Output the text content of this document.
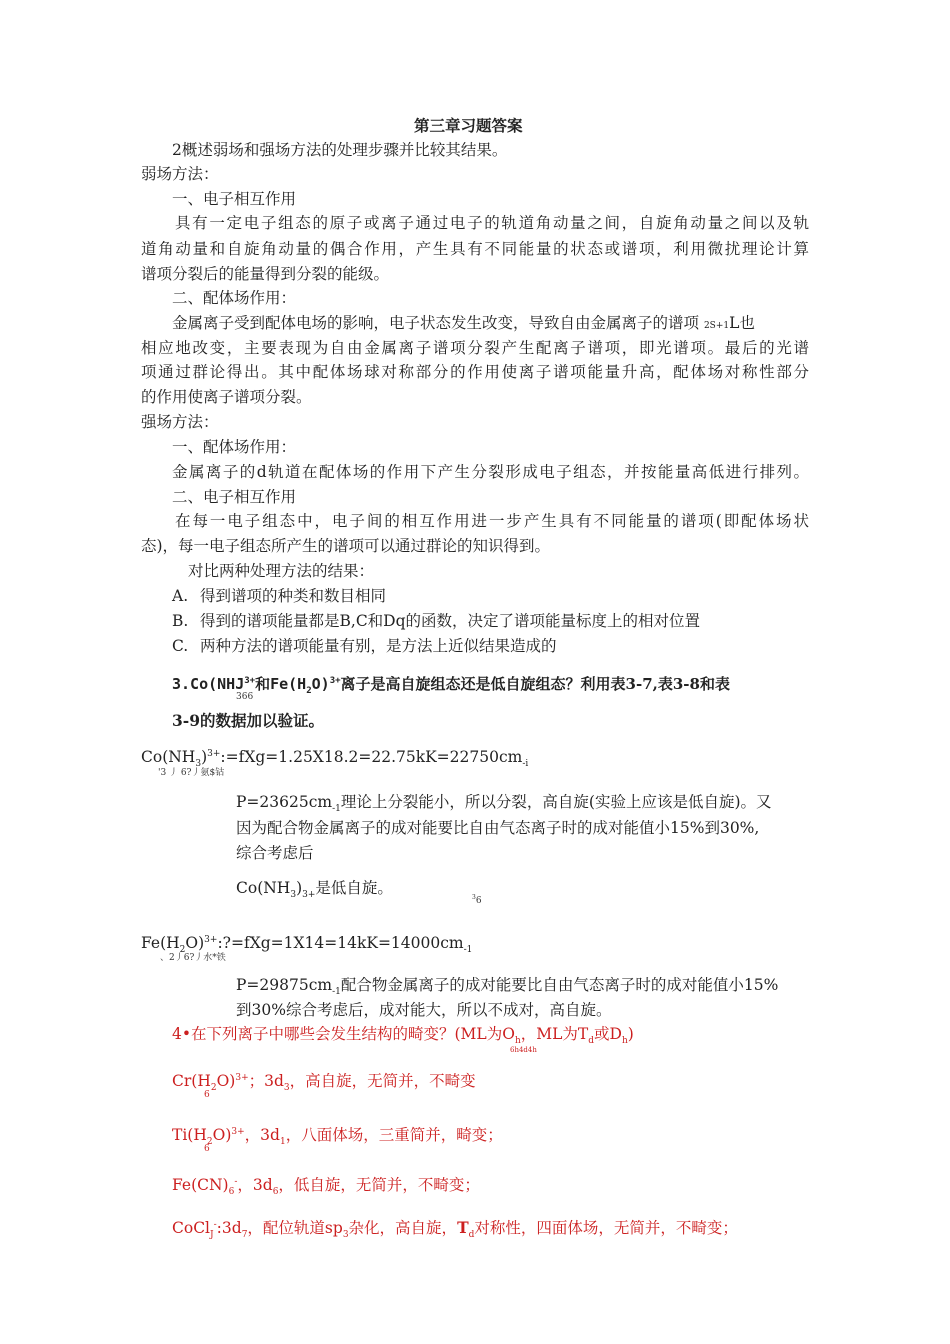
第三章习题答案
2概述弱场和强场方法的处理步骤并比较其结果。
弱场方法：
一、电子相互作用
具有一定电子组态的原子或离子通过电子的轨道角动量之间，自旋角动量之间以及轨
道角动量和自旋角动量的偶合作用，产生具有不同能量的状态或谱项，利用微扰理论计算
谱项分裂后的能量得到分裂的能级。
二、配体场作用：
金属离子受到配体电场的影响，电子状态发生改变，导致自由金属离子的谱项 2S+1L也
相应地改变，主要表现为自由金属离子谱项分裂产生配离子谱项，即光谱项。最后的光谱
项通过群论得出。其中配体场球对称部分的作用使离子谱项能量升高，配体场对称性部分
的作用使离子谱项分裂。
强场方法：
一、配体场作用：
金属离子的d轨道在配体场的作用下产生分裂形成电子组态，并按能量高低进行排列。
二、电子相互作用
在每一电子组态中，电子间的相互作用进一步产生具有不同能量的谱项(即配体场状
态)，每一电子组态所产生的谱项可以通过群论的知识得到。
对比两种处理方法的结果：
A. 得到谱项的种类和数目相同
B. 得到的谱项能量都是B,C和Dq的函数，决定了谱项能量标度上的相对位置
C. 两种方法的谱项能量有别，是方法上近似结果造成的
$3.Co(NHJ^{3+}$和$Fe(H_2O)^{3+}$离子是高自旋组态还是低自旋组态？利用表3-7,表3-8和表
366
3-9的数据加以验证。
$Co(NH_3)^{3+}:=fXg=1.25X18.2=22.75kK=22750cm_{-i}$
'3 丿 6?丿氨$钴
$P=23625cm_{-1}$理论上分裂能小，所以分裂，高自旋(实验上应该是低自旋)。又
因为配合物金属离子的成对能要比自由气态离子时的成对能值小15%到30%,
综合考虑后
$Co(NH_3)_{3+}$是低自旋。
$^3$6
$Fe(H_2O)^{3+}:?=fXg=1X14=14kK=14000cm_{-1}$
、2丿6?丿水*铁
$P=29875cm_{-1}$配合物金属离子的成对能要比自由气态离子时的成对能值小15%
到30%综合考虑后，成对能大，所以不成对，高自旋。
4•在下列离子中哪些会发生结构的畸变？(ML为$O_h$，ML为$T_d$或$D_h$)
6h4d4h
$Cr(H_2O)^{3+}$；$3d_3$，高自旋，无简并，不畸变
6
$Ti(H_2O)^{3+}$，$3d_1$，八面体场，三重简并，畸变；
6
$Fe(CN)_6^-$，$3d_6$，低自旋，无简并，不畸变；
$CoCl_J^-:3d_7$，配位轨道$sp_3$杂化，高自旋，$T_d$对称性，四面体场，无简并，不畸变；
